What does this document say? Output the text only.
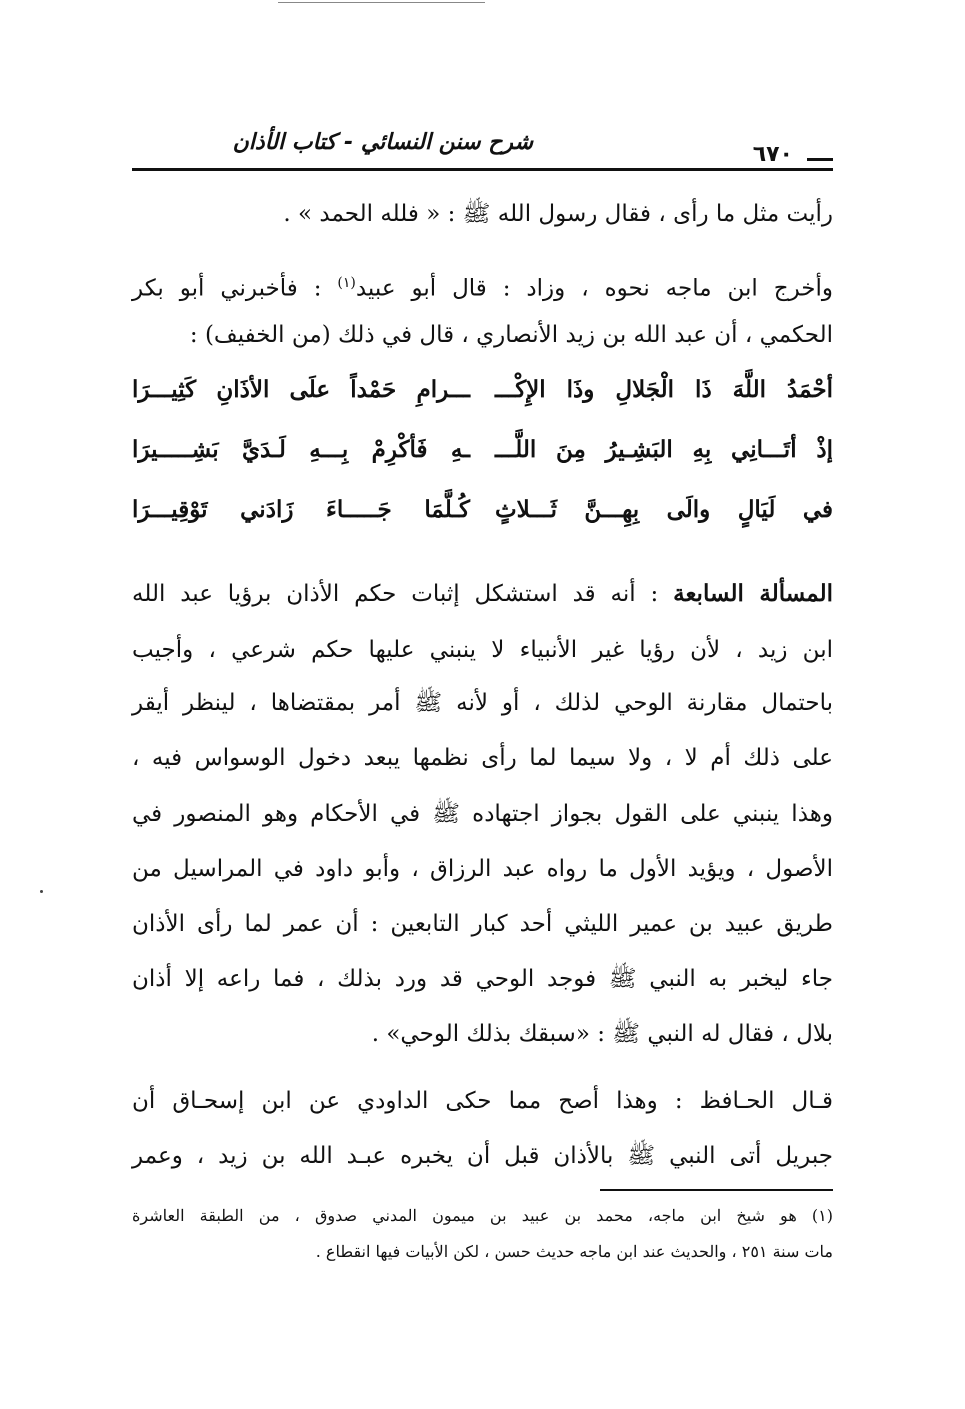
شرح سنن النسائي - كتاب الأذان	٦٧٠
رأيت مثل ما رأى ، فقال رسول الله ﷺ : « فلله الحمد » .
وأخرج ابن ماجه نحوه ، وزاد : قال أبو عبيد$^{(١)}$ : فأخبرني أبو بكر
الحكمي ، أن عبد الله بن زيد الأنصاري ، قال في ذلك (من الخفيف) :
أحْمَدُ اللَّهَ ذَا الْجَلالِ وذَا الإِكْـــ
ـــرامِ حَمْداً علَى الأذَانِ كَثِيـــرَا
إذْ أتَـــانِي بِهِ البَشِـيرُ مِنَ اللَّـــ
ـهِ فَأكْرِمْ بِـــهِ لَـدَيَّ بَشِـــــيرَا
في لَيَالٍ والَى بِهِـــنَّ ثَـــلاثٍ
كُـلَّمَا جَـــــاءَ زَادَني تَوْقِيـــرَا
المسألة السابعة : أنه قد استشكل إثبات حكم الأذان برؤيا عبد الله
ابن زيد ، لأن رؤيا غير الأنبياء لا ينبني عليها حكم شرعي ، وأجيب
باحتمال مقارنة الوحي لذلك ، أو لأنه ﷺ أمر بمقتضاها ، لينظر أيقر
على ذلك أم لا ، ولا سيما لما رأى نظمها يبعد دخول الوسواس فيه ،
وهذا ينبني على القول بجواز اجتهاده ﷺ في الأحكام وهو المنصور في
الأصول ، ويؤيد الأول ما رواه عبد الرزاق ، وأبو داود في المراسيل من
طريق عبيد بن عمير الليثي أحد كبار التابعين : أن عمر لما رأى الأذان
جاء ليخبر به النبي ﷺ فوجد الوحي قد ورد بذلك ، فما راعه إلا أذان
بلال ، فقال له النبي ﷺ : «سبقك بذلك الوحي» .
قـال الحـافظ : وهذا أصح مما حكى الداودي عن ابن إسحـاق أن
جبريل أتى النبي ﷺ بالأذان قبل أن يخبره عبـد الله بن زيد ، وعمر
(١) هو شيخ ابن ماجه، محمد بن عبيد بن ميمون المدني صدوق ، من الطبقة العاشرة
مات سنة ٢٥١ ، والحديث عند ابن ماجه حديث حسن ، لكن الأبيات فيها انقطاع .
